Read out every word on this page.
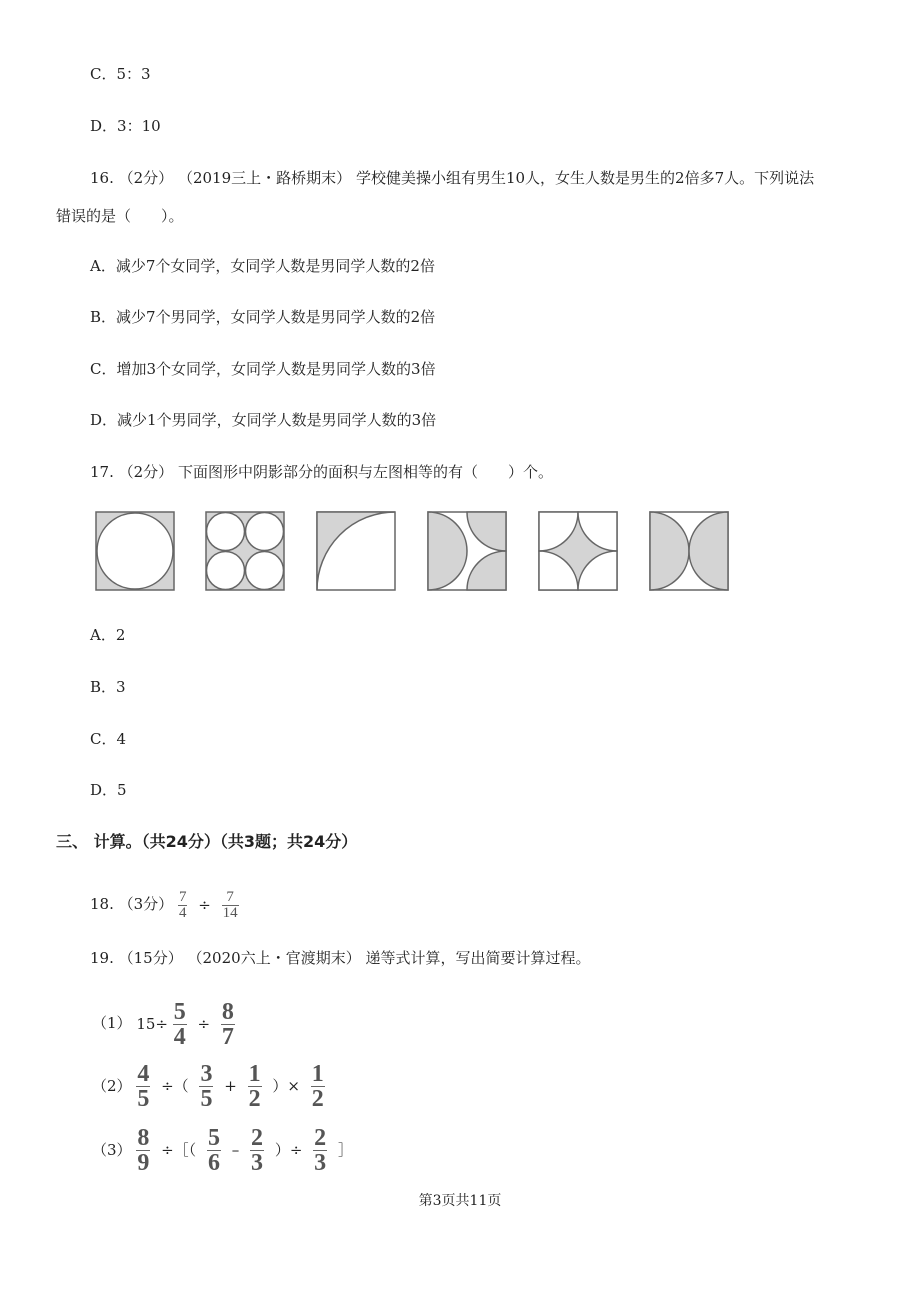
C．5：3
D．3：10
16. （2分） （2019三上・路桥期末） 学校健美操小组有男生10人，女生人数是男生的2倍多7人。下列说法
错误的是（　　）。
A．减少7个女同学，女同学人数是男同学人数的2倍
B．减少7个男同学，女同学人数是男同学人数的2倍
C．增加3个女同学，女同学人数是男同学人数的3倍
D．减少1个男同学，女同学人数是男同学人数的3倍
17. （2分） 下面图形中阴影部分的面积与左图相等的有（　　）个。
A．2
B．3
C．4
D．5
三、 计算。（共24分）（共3题；共24分）
18. （3分） $\frac{7}{4} \div \frac{7}{14}$
19. （15分） （2020六上・官渡期末） 递等式计算，写出简要计算过程。
（1） $15\div \frac{5}{4} \div \frac{8}{7}$
$(2) \frac{4}{5}$ ÷（ $\frac{3}{5} + \frac{1}{2}$ ）× $\frac{1}{2}$
$(3) \frac{8}{9}$ ÷［（ $\frac{5}{6} - \frac{2}{3}$ ）÷ $\frac{2}{3}$ ］
第3页共11页
